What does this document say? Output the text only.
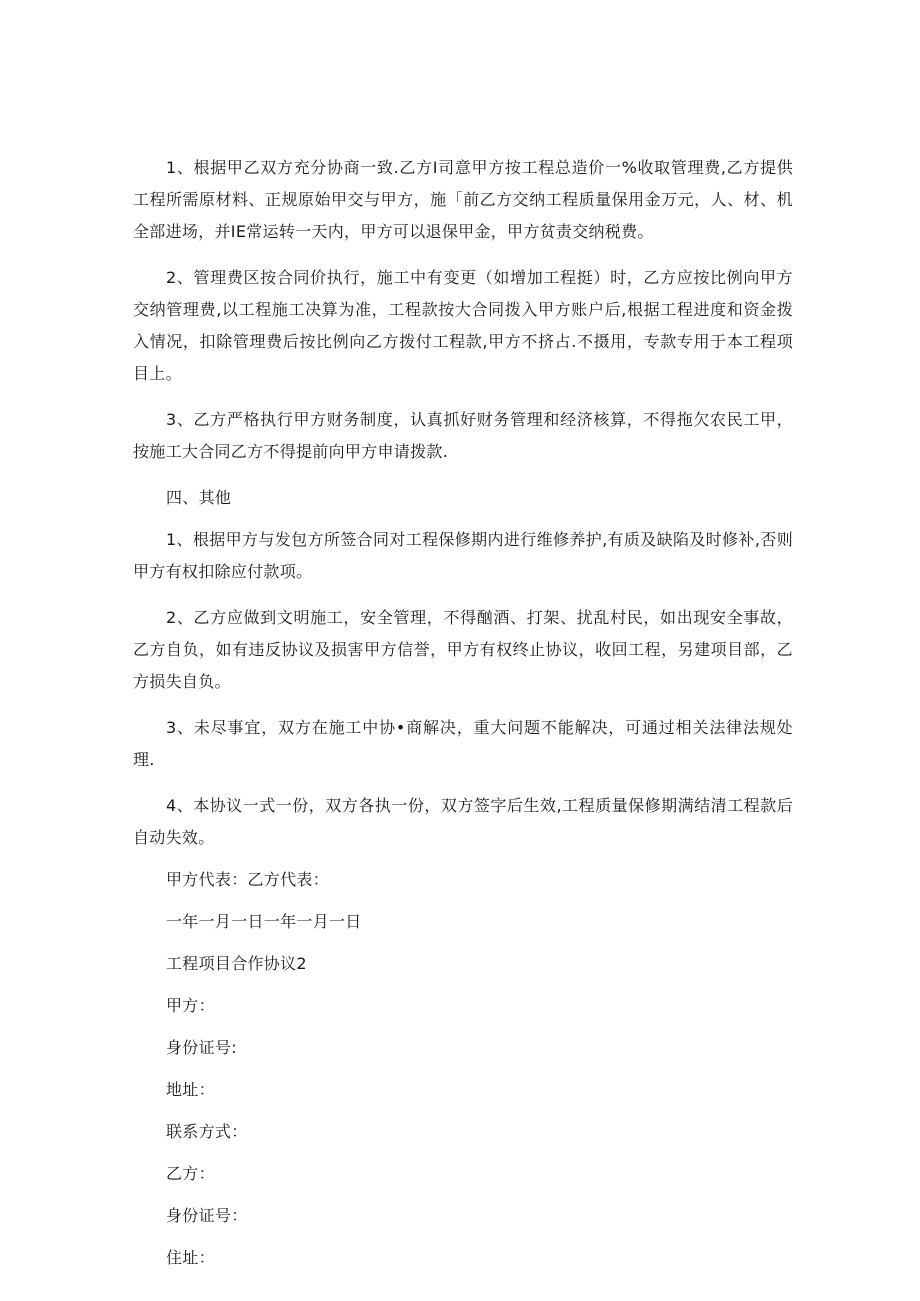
1、根据甲乙双方充分协商一致.乙方I司意甲方按工程总造价一%收取管理费,乙方提供工程所需原材料、正规原始甲交与甲方，施「前乙方交纳工程质量保用金万元，人、材、机全部进场，并IE常运转一天内，甲方可以退保甲金，甲方贫责交纳税费。

2、管理费区按合同价执行，施工中有变更（如增加工程挺）时，乙方应按比例向甲方交纳管理费,以工程施工决算为准，工程款按大合同拨入甲方账户后,根据工程进度和资金拨入情况，扣除管理费后按比例向乙方拨付工程款,甲方不挤占.不摄用，专款专用于本工程项目上。

3、乙方严格执行甲方财务制度，认真抓好财务管理和经济核算，不得拖欠农民工甲，按施工大合同乙方不得提前向甲方申请拨款.

四、其他

1、根据甲方与发包方所签合同对工程保修期内进行维修养护,有质及缺陷及时修补,否则甲方有权扣除应付款项。

2、乙方应做到文明施工，安全管理，不得酗酒、打架、扰乱村民，如出现安全事故，乙方自负，如有违反协议及损害甲方信誉，甲方有权终止协议，收回工程，另建项目部，乙方损失自负。

3、未尽事宜，双方在施工中协•商解决，重大问题不能解决，可通过相关法律法规处理.

4、本协议一式一份，双方各执一份，双方签字后生效,工程质量保修期满结清工程款后自动失效。

甲方代表：乙方代表：

一年一月一日一年一月一日

工程项目合作协议2

甲方：

身份证号:

地址：

联系方式：

乙方：

身份证号：

住址：
